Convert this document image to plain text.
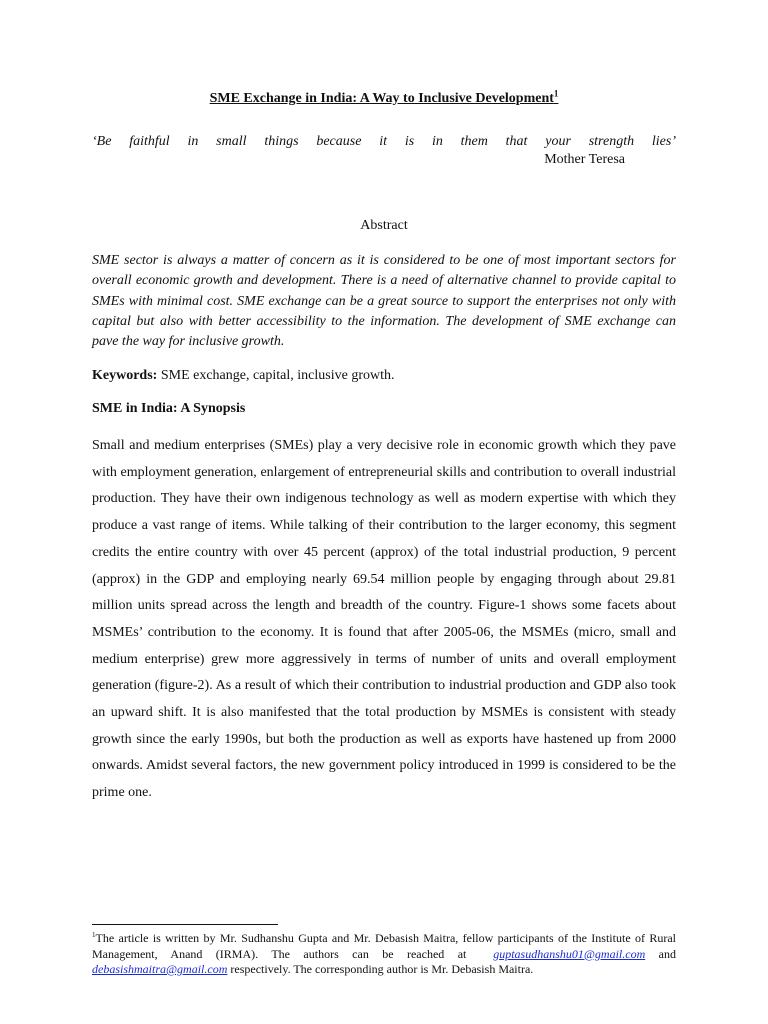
SME Exchange in India: A Way to Inclusive Development$^1$
‘Be faithful in small things because it is in them that your strength lies’
Mother Teresa
Abstract
SME sector is always a matter of concern as it is considered to be one of most important sectors for overall economic growth and development. There is a need of alternative channel to provide capital to SMEs with minimal cost. SME exchange can be a great source to support the enterprises not only with capital but also with better accessibility to the information. The development of SME exchange can pave the way for inclusive growth.
Keywords: SME exchange, capital, inclusive growth.
SME in India: A Synopsis
Small and medium enterprises (SMEs) play a very decisive role in economic growth which they pave with employment generation, enlargement of entrepreneurial skills and contribution to overall industrial production. They have their own indigenous technology as well as modern expertise with which they produce a vast range of items. While talking of their contribution to the larger economy, this segment credits the entire country with over 45 percent (approx) of the total industrial production, 9 percent (approx) in the GDP and employing nearly 69.54 million people by engaging through about 29.81 million units spread across the length and breadth of the country. Figure-1 shows some facets about MSMEs’ contribution to the economy. It is found that after 2005-06, the MSMEs (micro, small and medium enterprise) grew more aggressively in terms of number of units and overall employment generation (figure-2). As a result of which their contribution to industrial production and GDP also took an upward shift. It is also manifested that the total production by MSMEs is consistent with steady growth since the early 1990s, but both the production as well as exports have hastened up from 2000 onwards. Amidst several factors, the new government policy introduced in 1999 is considered to be the prime one.
$^1$The article is written by Mr. Sudhanshu Gupta and Mr. Debasish Maitra, fellow participants of the Institute of Rural Management, Anand (IRMA). The authors can be reached at guptasudhanshu01@gmail.com and debasishmaitra@gmail.com respectively. The corresponding author is Mr. Debasish Maitra.
